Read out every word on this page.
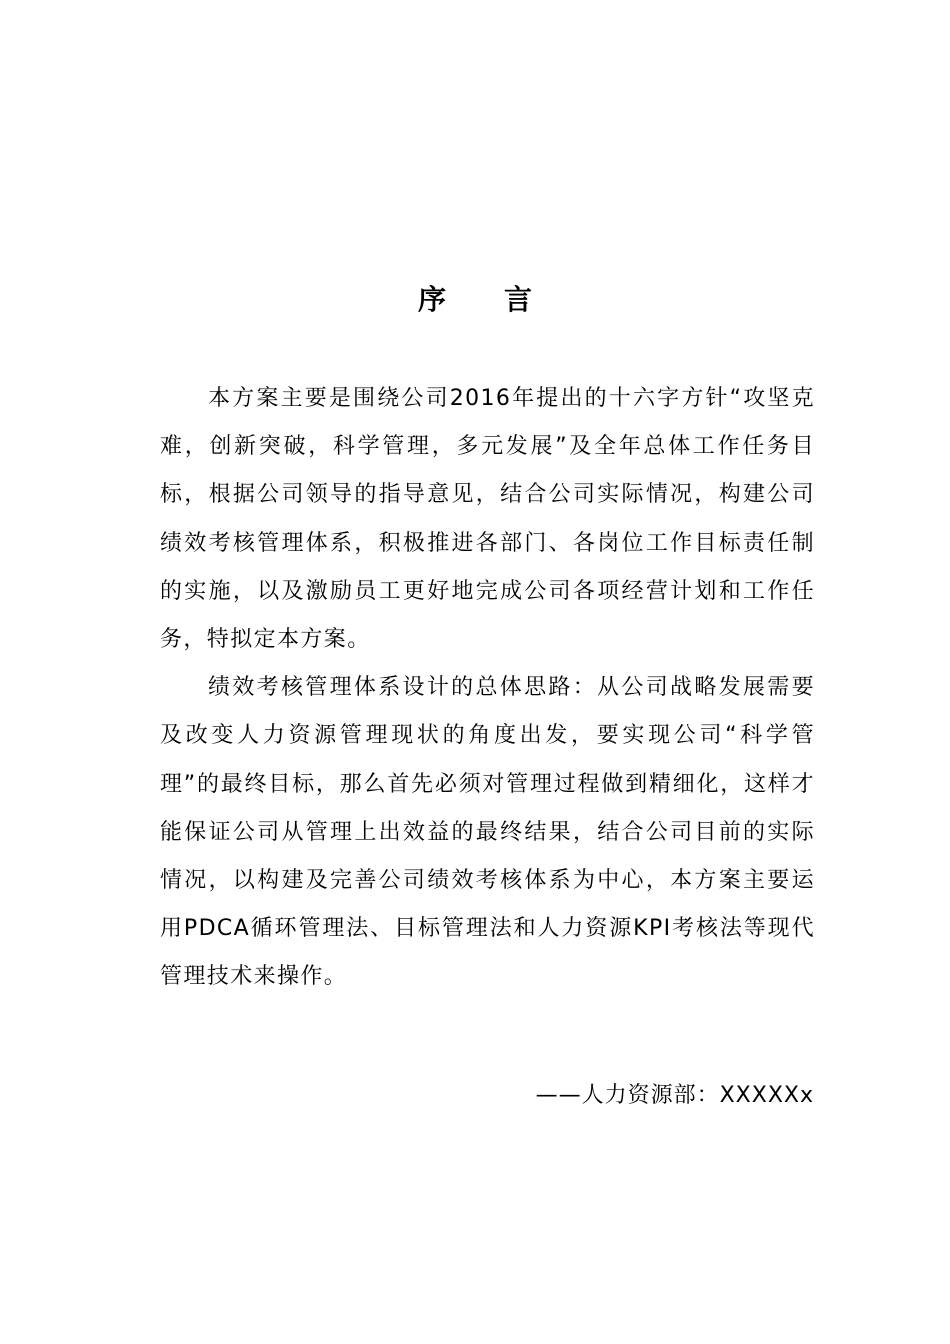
序 言

本方案主要是围绕公司2016年提出的十六字方针“攻坚克难，创新突破，科学管理，多元发展”及全年总体工作任务目标，根据公司领导的指导意见，结合公司实际情况，构建公司绩效考核管理体系，积极推进各部门、各岗位工作目标责任制的实施，以及激励员工更好地完成公司各项经营计划和工作任务，特拟定本方案。

绩效考核管理体系设计的总体思路：从公司战略发展需要及改变人力资源管理现状的角度出发，要实现公司“科学管理”的最终目标，那么首先必须对管理过程做到精细化，这样才能保证公司从管理上出效益的最终结果，结合公司目前的实际情况，以构建及完善公司绩效考核体系为中心，本方案主要运用PDCA循环管理法、目标管理法和人力资源KPI考核法等现代管理技术来操作。

——人力资源部：XXXXXx
